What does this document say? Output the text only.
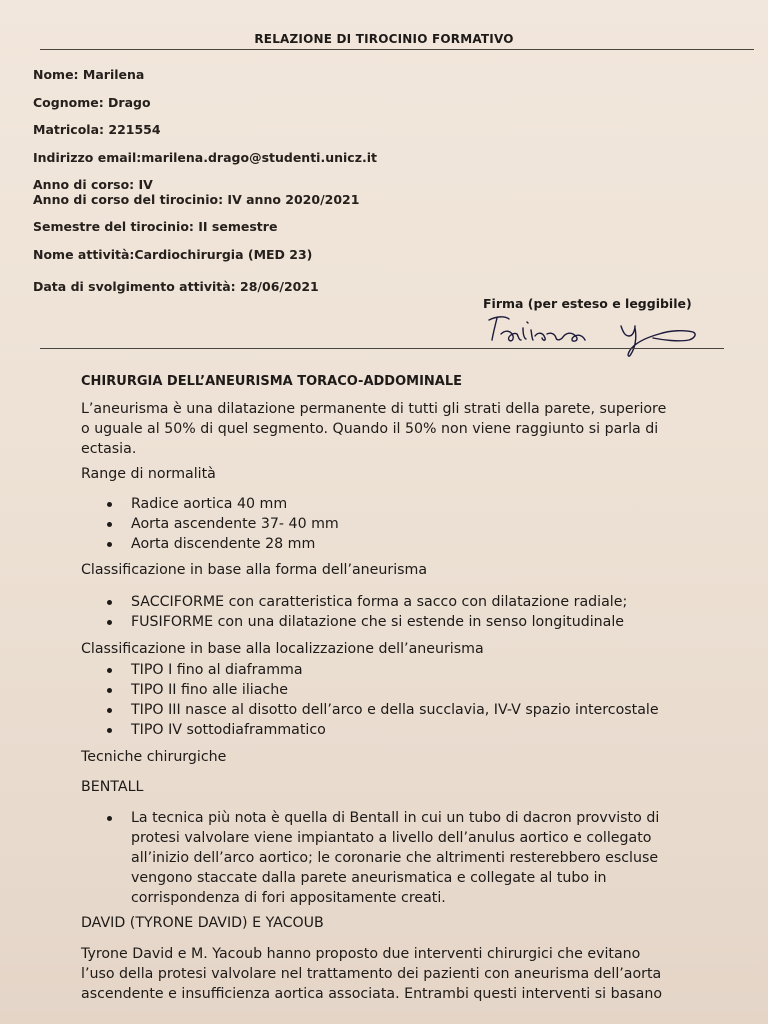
RELAZIONE DI TIROCINIO FORMATIVO
Nome: Marilena
Cognome: Drago
Matricola: 221554
Indirizzo email:marilena.drago@studenti.unicz.it
Anno di corso: IV
Anno di corso del tirocinio: IV anno 2020/2021
Semestre del tirocinio: II semestre
Nome attività:Cardiochirurgia (MED 23)
Data di svolgimento attività: 28/06/2021
Firma (per esteso e leggibile)
CHIRURGIA DELL’ANEURISMA TORACO-ADDOMINALE
L’aneurisma è una dilatazione permanente di tutti gli strati della parete, superiore
o uguale al 50% di quel segmento. Quando il 50% non viene raggiunto si parla di
ectasia.
Range di normalità
Radice aortica 40 mm
Aorta ascendente 37- 40 mm
Aorta discendente 28 mm
Classificazione in base alla forma dell’aneurisma
SACCIFORME con caratteristica forma a sacco con dilatazione radiale;
FUSIFORME con una dilatazione che si estende in senso longitudinale
Classificazione in base alla localizzazione dell’aneurisma
TIPO I fino al diaframma
TIPO II fino alle iliache
TIPO III nasce al disotto dell’arco e della succlavia, IV-V spazio intercostale
TIPO IV sottodiaframmatico
Tecniche chirurgiche
BENTALL
La tecnica più nota è quella di Bentall in cui un tubo di dacron provvisto di
protesi valvolare viene impiantato a livello dell’anulus aortico e collegato
all’inizio dell’arco aortico; le coronarie che altrimenti resterebbero escluse
vengono staccate dalla parete aneurismatica e collegate al tubo in
corrispondenza di fori appositamente creati.
DAVID (TYRONE DAVID) E YACOUB
Tyrone David e M. Yacoub hanno proposto due interventi chirurgici che evitano
l’uso della protesi valvolare nel trattamento dei pazienti con aneurisma dell’aorta
ascendente e insufficienza aortica associata. Entrambi questi interventi si basano
